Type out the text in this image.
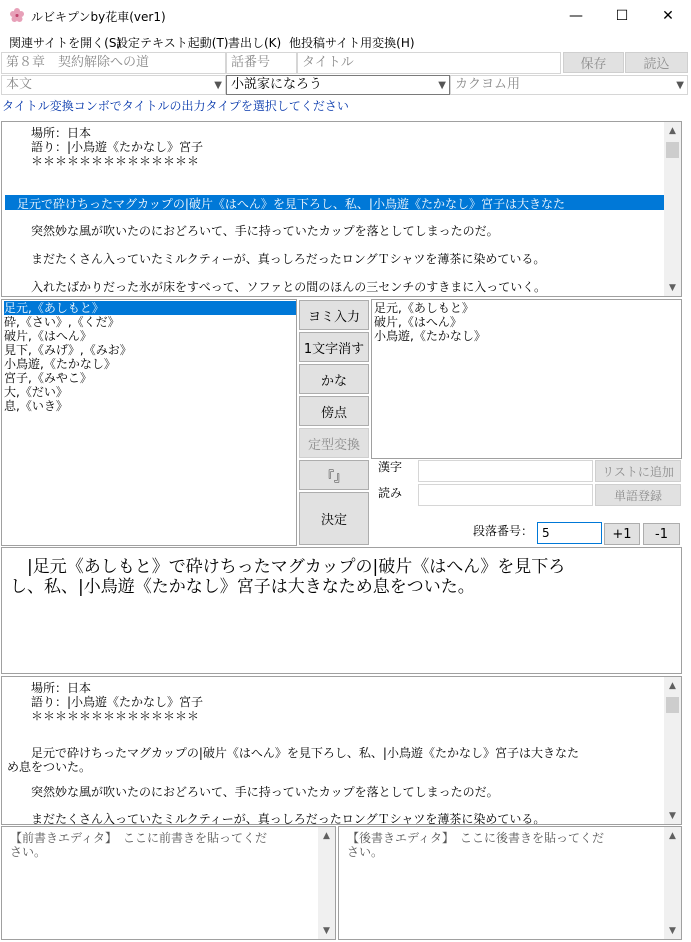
ルビキプンby花車(ver1)	— ☐ ✕
関連サイトを開く(S)
設定テキスト起動(T) 書出し(K) 他投稿サイト用変換(H)
第８章　契約解除への道	話番号	タイトル	保存	読込
本文	▼ 小説家になろう	▼ カクヨム用	▼
タイトル変換コンボでタイトルの出力タイプを選択してください
　場所：日本
　語り：|小鳥遊《たかなし》宮子
　＊＊＊＊＊＊＊＊＊＊＊＊＊＊
　足元で砕けちったマグカップの|破片《はへん》を見下ろし、私、|小鳥遊《たかなし》宮子は大きなた
　突然妙な風が吹いたのにおどろいて、手に持っていたカップを落としてしまったのだ。
　まだたくさん入っていたミルクティーが、真っしろだったロングＴシャツを薄茶に染めている。
　入れたばかりだった氷が床をすべって、ソファとの間のほんの三センチのすきまに入っていく。
▲
▼
足元,《あしもと》
砕,《さい》,《くだ》
破片,《はへん》
見下,《みげ》,《みお》
小鳥遊,《たかなし》
宮子,《みやこ》
大,《だい》
息,《いき》
ヨミ入力
1文字消す
かな
傍点
定型変換
『』
決定
足元,《あしもと》
破片,《はへん》
小鳥遊,《たかなし》
漢字	リストに追加
読み	単語登録
段落番号： 5	+1	-1
　|足元《あしもと》で砕けちったマグカップの|破片《はへん》を見下ろ
し、私、|小鳥遊《たかなし》宮子は大きなため息をついた。
　場所：日本
　語り：|小鳥遊《たかなし》宮子
　＊＊＊＊＊＊＊＊＊＊＊＊＊＊
　足元で砕けちったマグカップの|破片《はへん》を見下ろし、私、|小鳥遊《たかなし》宮子は大きなた
め息をついた。
　突然妙な風が吹いたのにおどろいて、手に持っていたカップを落としてしまったのだ。
　まだたくさん入っていたミルクティーが、真っしろだったロングＴシャツを薄茶に染めている。
▲
▼
【前書きエディタ】　ここに前書きを貼ってくだ
さい。
▲
▼
【後書きエディタ】　ここに後書きを貼ってくだ
さい。
▲
▼
